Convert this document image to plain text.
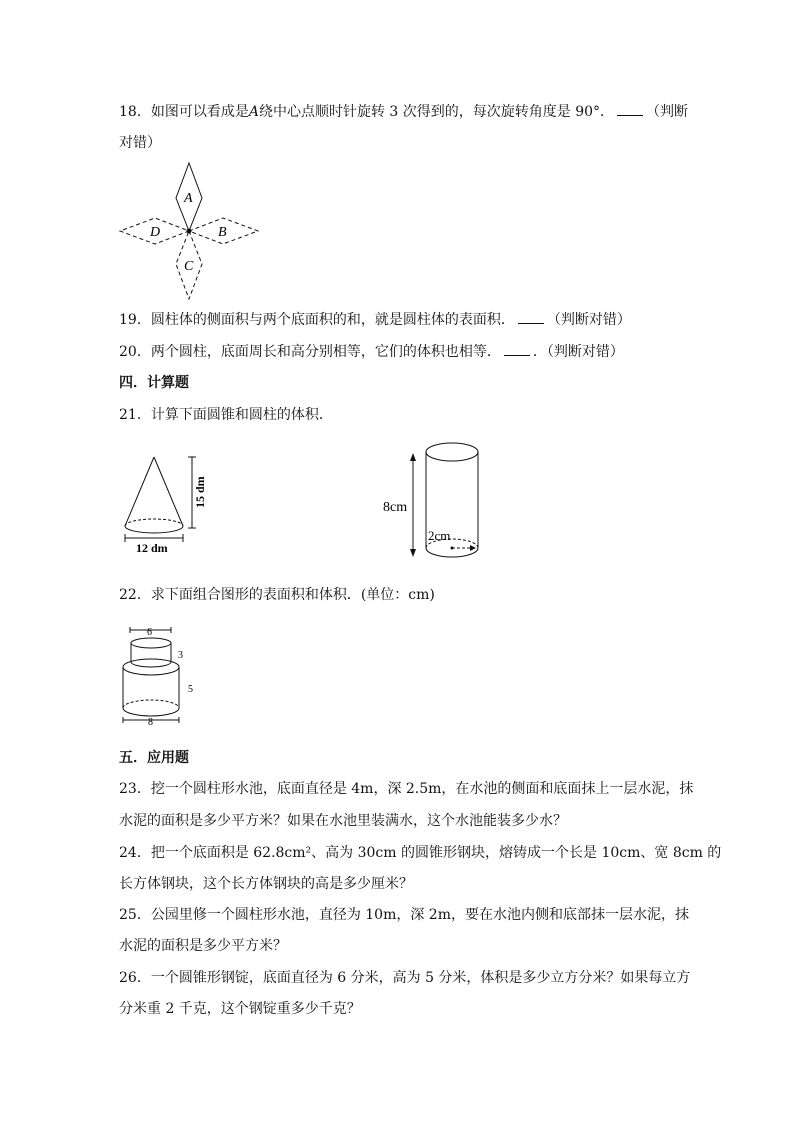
18．如图可以看成是A绕中心点顺时针旋转 3 次得到的，每次旋转角度是 90°． （判断
对错）
A
B
C
D
19．圆柱体的侧面积与两个底面积的和，就是圆柱体的表面积． （判断对错）
20．两个圆柱，底面周长和高分别相等，它们的体积也相等． ．（判断对错）
四．计算题
21．计算下面圆锥和圆柱的体积．
15 dm
12 dm
8cm
2cm
22．求下面组合图形的表面积和体积．(单位：cm)
6
3
5
8
五．应用题
23．挖一个圆柱形水池，底面直径是 4m，深 2.5m，在水池的侧面和底面抹上一层水泥，抹
水泥的面积是多少平方米？如果在水池里装满水，这个水池能装多少水？
24．把一个底面积是 62.8cm²、高为 30cm 的圆锥形钢块，熔铸成一个长是 10cm、宽 8cm 的
长方体钢块，这个长方体钢块的高是多少厘米？
25．公园里修一个圆柱形水池，直径为 10m，深 2m，要在水池内侧和底部抹一层水泥，抹
水泥的面积是多少平方米？
26．一个圆锥形钢锭，底面直径为 6 分米，高为 5 分米，体积是多少立方分米？如果每立方
分米重 2 千克，这个钢锭重多少千克？
